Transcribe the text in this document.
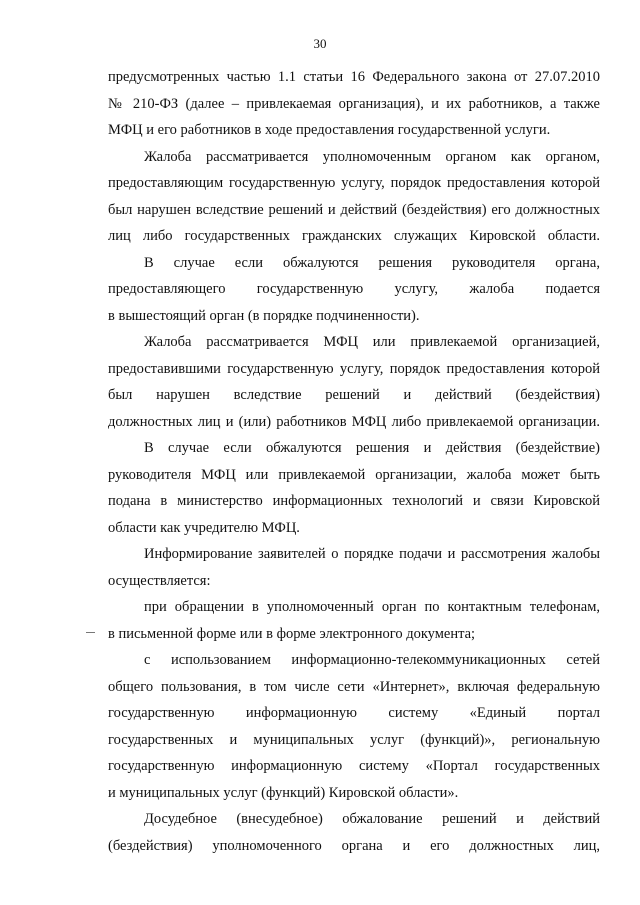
30
предусмотренных частью 1.1 статьи 16 Федерального закона от 27.07.2010
№ 210-ФЗ (далее – привлекаемая организация), и их работников, а также
МФЦ и его работников в ходе предоставления государственной услуги.
Жалоба рассматривается уполномоченным органом как органом,
предоставляющим государственную услугу, порядок предоставления которой
был нарушен вследствие решений и действий (бездействия) его должностных
лиц либо государственных гражданских служащих Кировской области.
В случае если обжалуются решения руководителя органа,
предоставляющего государственную услугу, жалоба подается
в вышестоящий орган (в порядке подчиненности).
Жалоба рассматривается МФЦ или привлекаемой организацией,
предоставившими государственную услугу, порядок предоставления которой
был нарушен вследствие решений и действий (бездействия)
должностных лиц и (или) работников МФЦ либо привлекаемой организации.
В случае если обжалуются решения и действия (бездействие)
руководителя МФЦ или привлекаемой организации, жалоба может быть
подана в министерство информационных технологий и связи Кировской
области как учредителю МФЦ.
Информирование заявителей о порядке подачи и рассмотрения жалобы
осуществляется:
при обращении в уполномоченный орган по контактным телефонам,
в письменной форме или в форме электронного документа;
с использованием информационно-телекоммуникационных сетей
общего пользования, в том числе сети «Интернет», включая федеральную
государственную информационную систему «Единый портал
государственных и муниципальных услуг (функций)», региональную
государственную информационную систему «Портал государственных
и муниципальных услуг (функций) Кировской области».
Досудебное (внесудебное) обжалование решений и действий
(бездействия) уполномоченного органа и его должностных лиц,
